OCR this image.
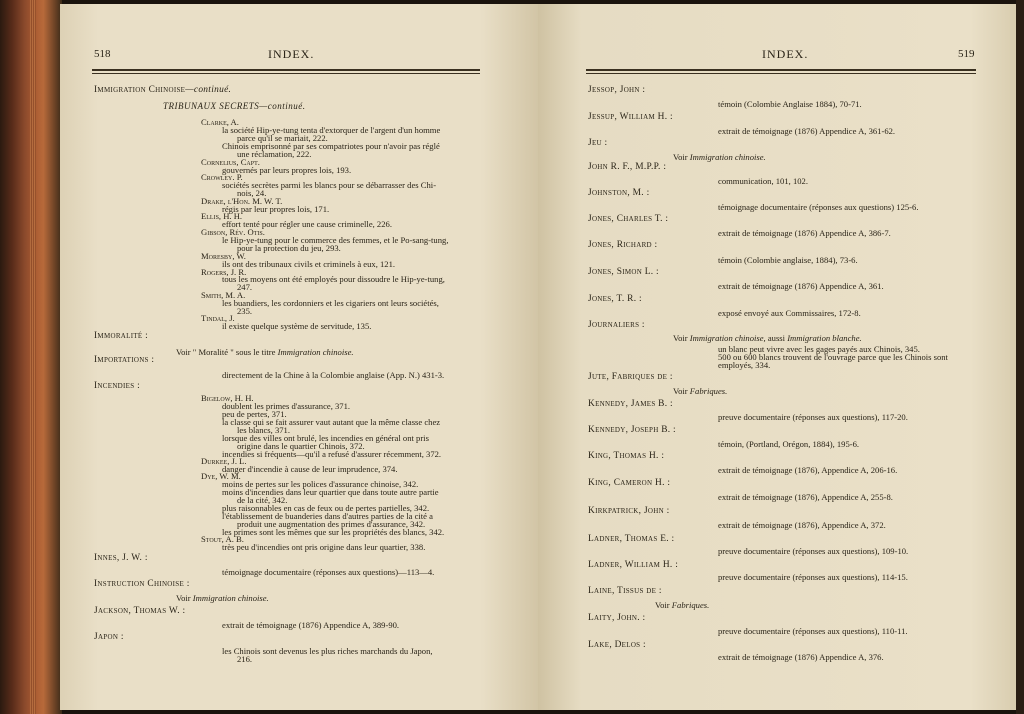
518	INDEX.
Immigration Chinoise—continué.
TRIBUNAUX SECRETS—continué.
Clarke, A.
la société Hip-ye-tung tenta d'extorquer de l'argent d'un homme
parce qu'il se mariait, 222.
Chinois emprisonné par ses compatriotes pour n'avoir pas réglé
une réclamation, 222.
Cornelius, Capt.
gouvernés par leurs propres lois, 193.
Crowley. P.
sociétés secrètes parmi les blancs pour se débarrasser des Chi-
nois, 24.
Drake, l'Hon. M. W. T.
régis par leur propres lois, 171.
Ellis, H. H.
effort tenté pour régler une cause criminelle, 226.
Gibson, Rév. Otis.
le Hip-ye-tung pour le commerce des femmes, et le Po-sang-tung,
pour la protection du jeu, 293.
Moresby, W.
ils ont des tribunaux civils et criminels à eux, 121.
Rogers, J. R.
tous les moyens ont été employés pour dissoudre le Hip-ye-tung,
247.
Smith, M. A.
les buandiers, les cordonniers et les cigariers ont leurs sociétés,
235.
Tindal, J.
il existe quelque système de servitude, 135.
Immoralité :
Voir " Moralité " sous le titre Immigration chinoise.
Importations :
directement de la Chine à la Colombie anglaise (App. N.) 431-3.
Incendies :
Bigelow, H. H.
doublent les primes d'assurance, 371.
peu de pertes, 371.
la classe qui se fait assurer vaut autant que la même classe chez
les blancs, 371.
lorsque des villes ont brulé, les incendies en général ont pris
origine dans le quartier Chinois, 372.
incendies si fréquents—qu'il a refusé d'assurer récemment, 372.
Durkee, J. L.
danger d'incendie à cause de leur imprudence, 374.
Dye, W. M.
moins de pertes sur les polices d'assurance chinoise, 342.
moins d'incendies dans leur quartier que dans toute autre partie
de la cité, 342.
plus raisonnables en cas de feux ou de pertes partielles, 342.
l'établissement de buanderies dans d'autres parties de la cité a
produit une augmentation des primes d'assurance, 342.
les primes sont les mêmes que sur les propriétés des blancs, 342.
Stout, A. B.
très peu d'incendies ont pris origine dans leur quartier, 338.
Innes, J. W. :
témoignage documentaire (réponses aux questions)—113—4.
Instruction Chinoise :
Voir Immigration chinoise.
Jackson, Thomas W. :
extrait de témoignage (1876) Appendice A, 389-90.
Japon :
les Chinois sont devenus les plus riches marchands du Japon,
216.
INDEX.	519
Jessop, John :
témoin (Colombie Anglaise 1884), 70-71.
Jessup, William H. :
extrait de témoignage (1876) Appendice A, 361-62.
Jeu :
Voir Immigration chinoise.
John R. F., M.P.P. :
communication, 101, 102.
Johnston, M. :
témoignage documentaire (réponses aux questions) 125-6.
Jones, Charles T. :
extrait de témoignage (1876) Appendice A, 386-7.
Jones, Richard :
témoin (Colombie anglaise, 1884), 73-6.
Jones, Simon L. :
extrait de témoignage (1876) Appendice A, 361.
Jones, T. R. :
exposé envoyé aux Commissaires, 172-8.
Journaliers :
Voir Immigration chinoise, aussi Immigration blanche.
un blanc peut vivre avec les gages payés aux Chinois, 345.
500 ou 600 blancs trouvent de l'ouvrage parce que les Chinois sont
employés, 334.
Jute, Fabriques de :
Voir Fabriques.
Kennedy, James B. :
preuve documentaire (réponses aux questions), 117-20.
Kennedy, Joseph B. :
témoin, (Portland, Orégon, 1884), 195-6.
King, Thomas H. :
extrait de témoignage (1876), Appendice A, 206-16.
King, Cameron H. :
extrait de témoignage (1876), Appendice A, 255-8.
Kirkpatrick, John :
extrait de témoignage (1876), Appendice A, 372.
Ladner, Thomas E. :
preuve documentaire (réponses aux questions), 109-10.
Ladner, William H. :
preuve documentaire (réponses aux questions), 114-15.
Laine, Tissus de :
Voir Fabriques.
Laity, John. :
preuve documentaire (réponses aux questions), 110-11.
Lake, Delos :
extrait de témoignage (1876) Appendice A, 376.
